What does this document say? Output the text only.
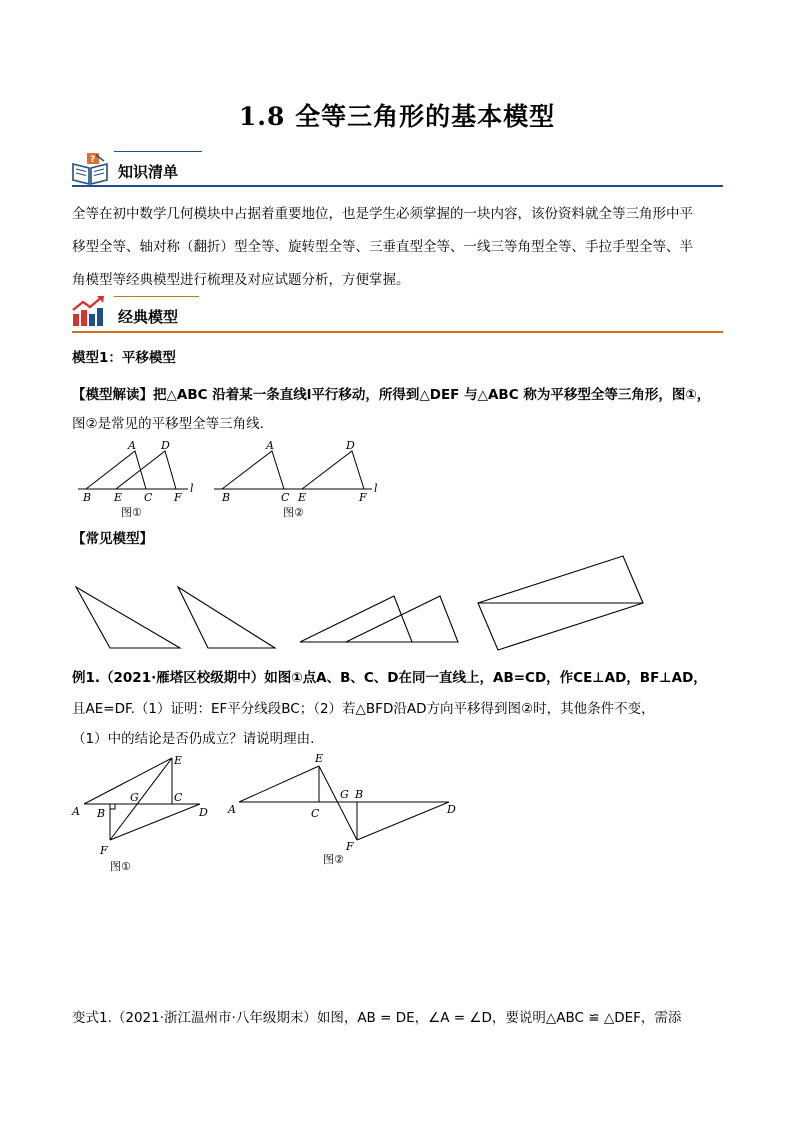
1.8 全等三角形的基本模型
?
知识清单
全等在初中数学几何模块中占据着重要地位，也是学生必须掌握的一块内容，该份资料就全等三角形中平
移型全等、轴对称（翻折）型全等、旋转型全等、三垂直型全等、一线三等角型全等、手拉手型全等、半
角模型等经典模型进行梳理及对应试题分析，方便掌握。
经典模型
模型1：平移模型
【模型解读】把△ABC 沿着某一条直线l平行移动，所得到△DEF 与△ABC 称为平移型全等三角形，图①，
图②是常见的平移型全等三角线.
A D
B E C F
l
图①
A	D
B	C E	F
l
图②
【常见模型】
例1.（2021·雁塔区校级期中）如图①点A、B、C、D在同一直线上，AB=CD，作CE⊥AD，BF⊥AD，
且AE=DF.（1）证明：EF平分线段BC；（2）若△BFD沿AD方向平移得到图②时，其他条件不变，
（1）中的结论是否仍成立？请说明理由.
E
G	C
A B	D
F
图①
E
G B
A	C	D
F
图②
变式1.（2021·浙江温州市·八年级期末）如图，AB = DE，∠A = ∠D，要说明△ABC ≌ △DEF，需添
